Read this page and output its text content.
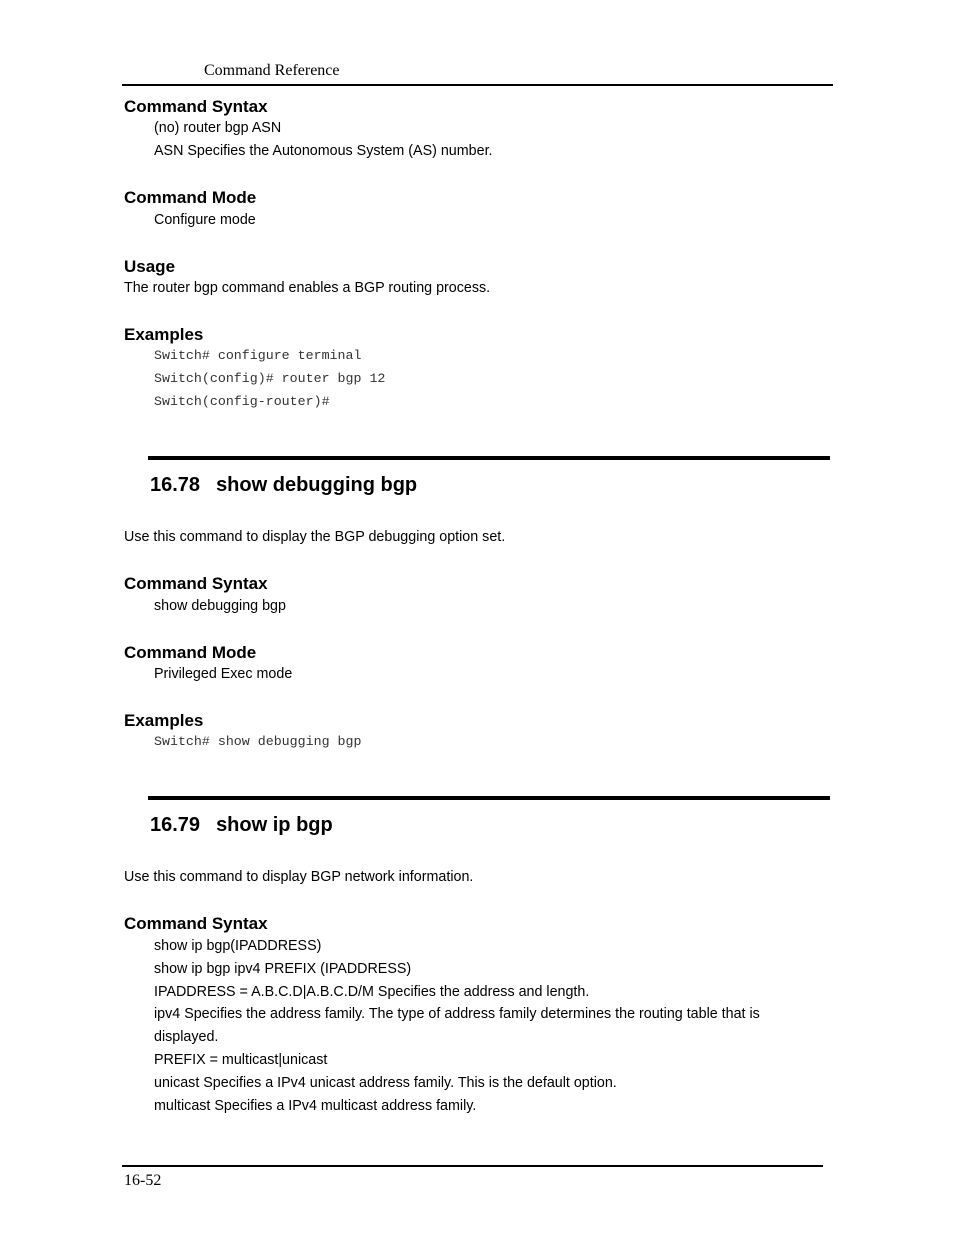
Command Reference
Command Syntax
(no) router bgp ASN
ASN Specifies the Autonomous System (AS) number.
Command Mode
Configure mode
Usage
The router bgp command enables a BGP routing process.
Examples
Switch# configure terminal
Switch(config)# router bgp 12
Switch(config-router)#
16.78 show debugging bgp
Use this command to display the BGP debugging option set.
Command Syntax
show debugging bgp
Command Mode
Privileged Exec mode
Examples
Switch# show debugging bgp
16.79 show ip bgp
Use this command to display BGP network information.
Command Syntax
show ip bgp(IPADDRESS)
show ip bgp ipv4 PREFIX (IPADDRESS)
IPADDRESS = A.B.C.D|A.B.C.D/M Specifies the address and length.
ipv4 Specifies the address family. The type of address family determines the routing table that is
displayed.
PREFIX = multicast|unicast
unicast Specifies a IPv4 unicast address family. This is the default option.
multicast Specifies a IPv4 multicast address family.
16-52
